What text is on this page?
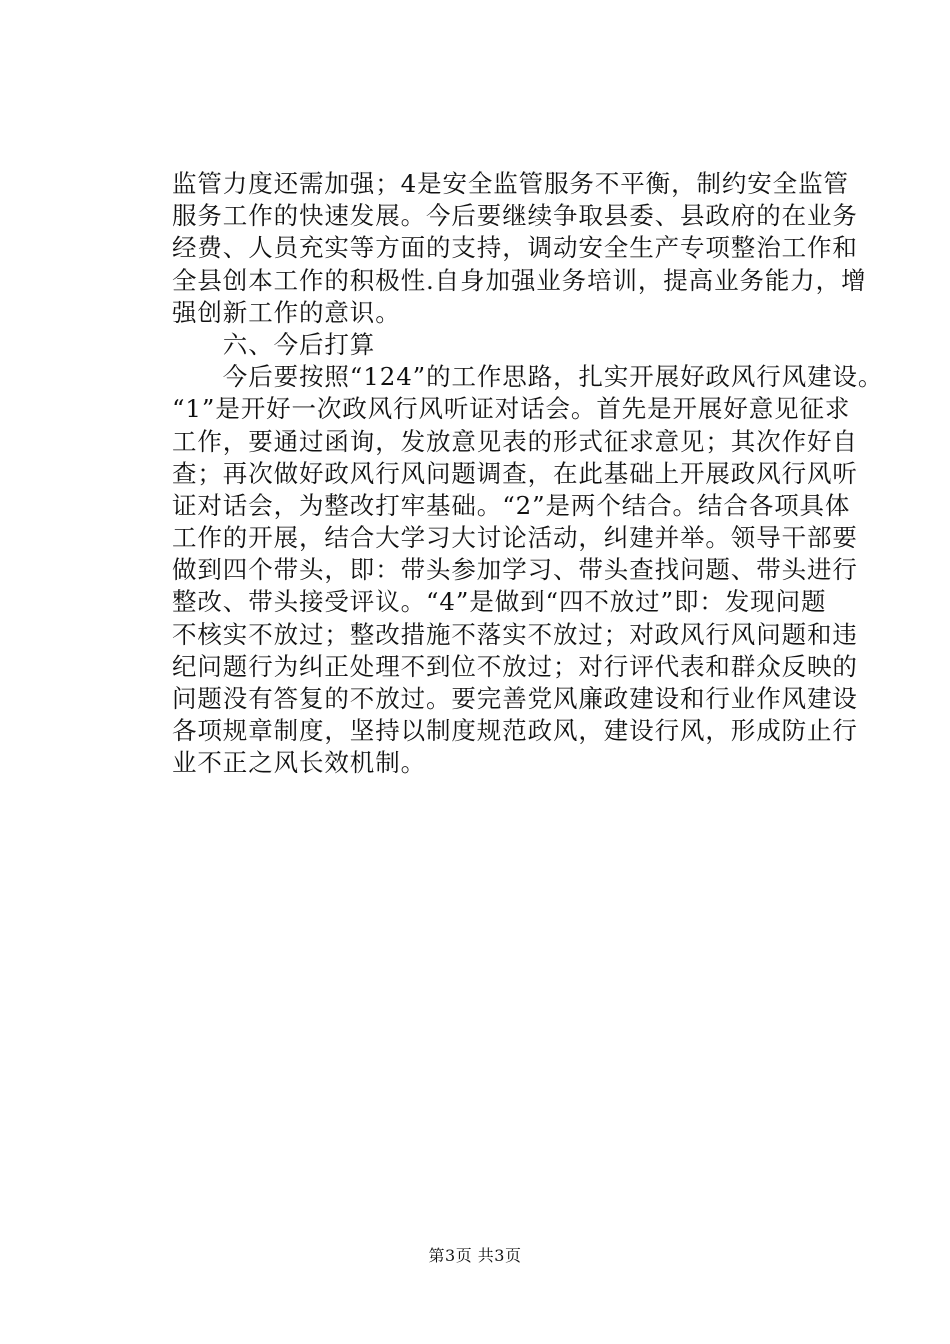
监管力度还需加强；4是安全监管服务不平衡，制约安全监管
服务工作的快速发展。今后要继续争取县委、县政府的在业务
经费、人员充实等方面的支持，调动安全生产专项整治工作和
全县创本工作的积极性.自身加强业务培训，提高业务能力，增
强创新工作的意识。
　　六、今后打算
　　今后要按照“124”的工作思路，扎实开展好政风行风建设。
“1”是开好一次政风行风听证对话会。首先是开展好意见征求
工作，要通过函询，发放意见表的形式征求意见；其次作好自
查；再次做好政风行风问题调查，在此基础上开展政风行风听
证对话会，为整改打牢基础。“2”是两个结合。结合各项具体
工作的开展，结合大学习大讨论活动，纠建并举。领导干部要
做到四个带头，即：带头参加学习、带头查找问题、带头进行
整改、带头接受评议。“4”是做到“四不放过”即：发现问题
不核实不放过；整改措施不落实不放过；对政风行风问题和违
纪问题行为纠正处理不到位不放过；对行评代表和群众反映的
问题没有答复的不放过。要完善党风廉政建设和行业作风建设
各项规章制度，坚持以制度规范政风，建设行风，形成防止行
业不正之风长效机制。
第3页 共3页
